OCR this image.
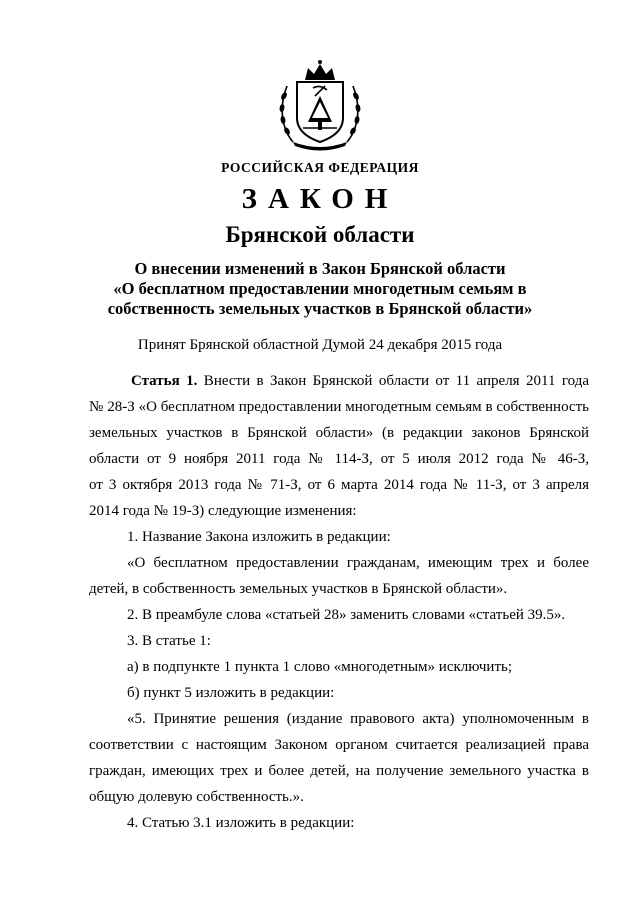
РОССИЙСКАЯ ФЕДЕРАЦИЯ
ЗАКОН
Брянской области
О внесении изменений в Закон Брянской области
«О бесплатном предоставлении многодетным семьям в
собственность земельных участков в Брянской области»
Принят Брянской областной Думой 24 декабря 2015 года
Статья 1. Внести в Закон Брянской области от 11 апреля 2011 года
№ 28-З «О бесплатном предоставлении многодетным семьям в собственность
земельных участков в Брянской области» (в редакции законов Брянской
области от 9 ноября 2011 года № 114-З, от 5 июля 2012 года № 46-З,
от 3 октября 2013 года № 71-З, от 6 марта 2014 года № 11-З, от 3 апреля
2014 года № 19-З) следующие изменения:
1. Название Закона изложить в редакции:
«О бесплатном предоставлении гражданам, имеющим трех и более
детей, в собственность земельных участков в Брянской области».
2. В преамбуле слова «статьей 28» заменить словами «статьей 39.5».
3. В статье 1:
а) в подпункте 1 пункта 1 слово «многодетным» исключить;
б) пункт 5 изложить в редакции:
«5. Принятие решения (издание правового акта) уполномоченным в
соответствии с настоящим Законом органом считается реализацией права
граждан, имеющих трех и более детей, на получение земельного участка в
общую долевую собственность.».
4. Статью 3.1 изложить в редакции:
